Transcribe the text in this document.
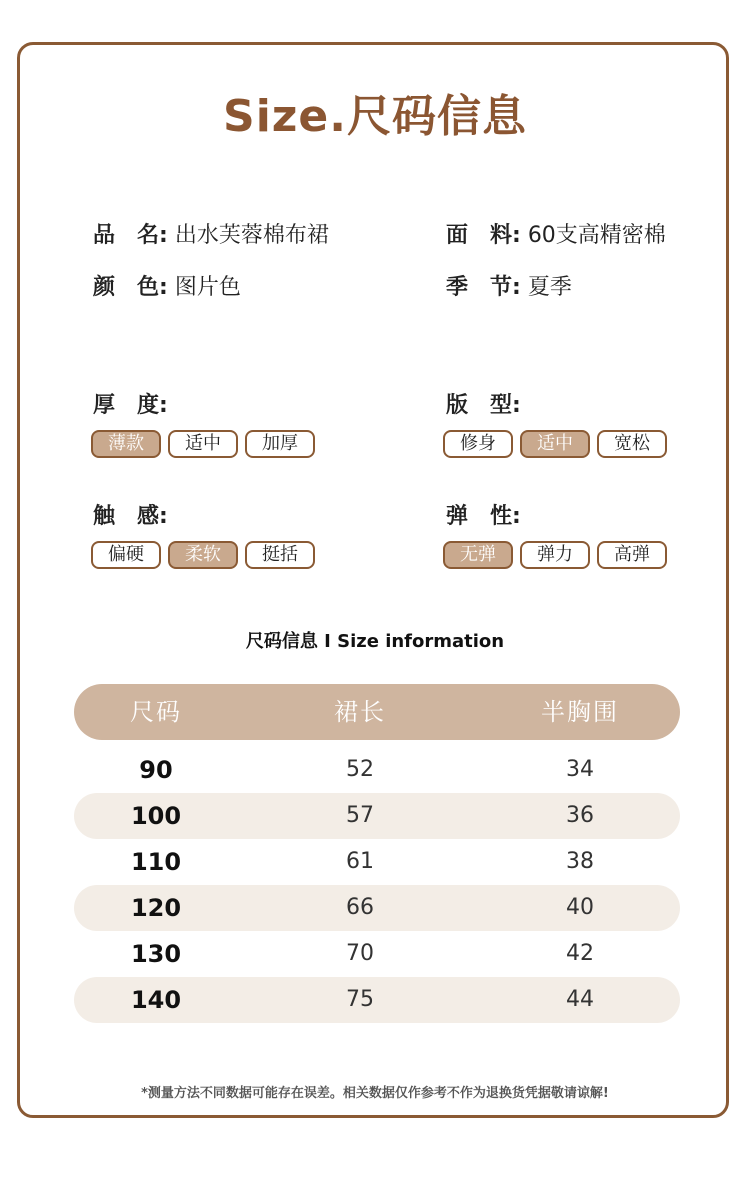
Size.尺码信息
品　名: 出水芙蓉棉布裙	面　料: 60支高精密棉
颜　色: 图片色	季　节: 夏季
厚　度:
薄款	适中	加厚
版　型:
修身	适中	宽松
触　感:
偏硬	柔软	挺括
弹　性:
无弹	弹力	高弹
尺码信息 I Size information
尺码	裙长	半胸围
90	52	34
100	57	36
110	61	38
120	66	40
130	70	42
140	75	44
*测量方法不同数据可能存在误差。相关数据仅作参考不作为退换货凭据敬请谅解!
